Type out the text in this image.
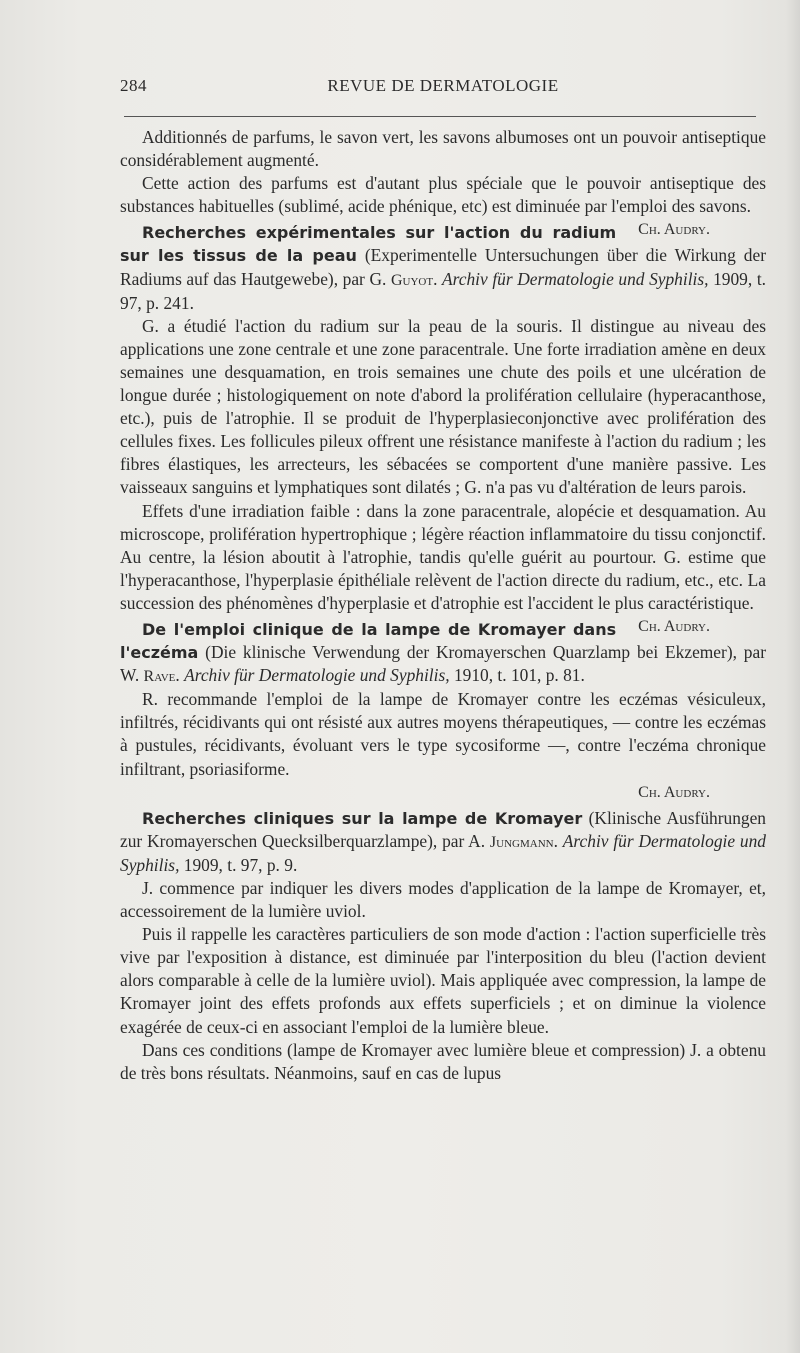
284	REVUE DE DERMATOLOGIE

Additionnés de parfums, le savon vert, les savons albumoses ont un pouvoir antiseptique considérablement augmenté.

Cette action des parfums est d'autant plus spéciale que le pouvoir antiseptique des substances habituelles (sublimé, acide phénique, etc) est diminuée par l'emploi des savons.
Ch. Audry.

Recherches expérimentales sur l'action du radium sur les tissus de la peau (Experimentelle Untersuchungen über die Wirkung der Radiums auf das Hautgewebe), par G. Guyot. Archiv für Dermatologie und Syphilis, 1909, t. 97, p. 241.

G. a étudié l'action du radium sur la peau de la souris. Il distingue au niveau des applications une zone centrale et une zone paracentrale. Une forte irradiation amène en deux semaines une desquamation, en trois semaines une chute des poils et une ulcération de longue durée ; histologiquement on note d'abord la prolifération cellulaire (hyperacanthose, etc.), puis de l'atrophie. Il se produit de l'hyperplasieconjonctive avec prolifération des cellules fixes. Les follicules pileux offrent une résistance manifeste à l'action du radium ; les fibres élastiques, les arrecteurs, les sébacées se comportent d'une manière passive. Les vaisseaux sanguins et lymphatiques sont dilatés ; G. n'a pas vu d'altération de leurs parois.

Effets d'une irradiation faible : dans la zone paracentrale, alopécie et desquamation. Au microscope, prolifération hypertrophique ; légère réaction inflammatoire du tissu conjonctif. Au centre, la lésion aboutit à l'atrophie, tandis qu'elle guérit au pourtour. G. estime que l'hyperacanthose, l'hyperplasie épithéliale relèvent de l'action directe du radium, etc., etc. La succession des phénomènes d'hyperplasie et d'atrophie est l'accident le plus caractéristique.
Ch. Audry.

De l'emploi clinique de la lampe de Kromayer dans l'eczéma (Die klinische Verwendung der Kromayerschen Quarzlamp bei Ekzemer), par W. Rave. Archiv für Dermatologie und Syphilis, 1910, t. 101, p. 81.

R. recommande l'emploi de la lampe de Kromayer contre les eczémas vésiculeux, infiltrés, récidivants qui ont résisté aux autres moyens thérapeutiques, — contre les eczémas à pustules, récidivants, évoluant vers le type sycosiforme —, contre l'eczéma chronique infiltrant, psoriasiforme.

Ch. Audry.

Recherches cliniques sur la lampe de Kromayer (Klinische Ausführungen zur Kromayerschen Quecksilberquarzlampe), par A. Jungmann. Archiv für Dermatologie und Syphilis, 1909, t. 97, p. 9.

J. commence par indiquer les divers modes d'application de la lampe de Kromayer, et, accessoirement de la lumière uviol.

Puis il rappelle les caractères particuliers de son mode d'action : l'action superficielle très vive par l'exposition à distance, est diminuée par l'interposition du bleu (l'action devient alors comparable à celle de la lumière uviol). Mais appliquée avec compression, la lampe de Kromayer joint des effets profonds aux effets superficiels ; et on diminue la violence exagérée de ceux-ci en associant l'emploi de la lumière bleue.

Dans ces conditions (lampe de Kromayer avec lumière bleue et compression) J. a obtenu de très bons résultats. Néanmoins, sauf en cas de lupus
